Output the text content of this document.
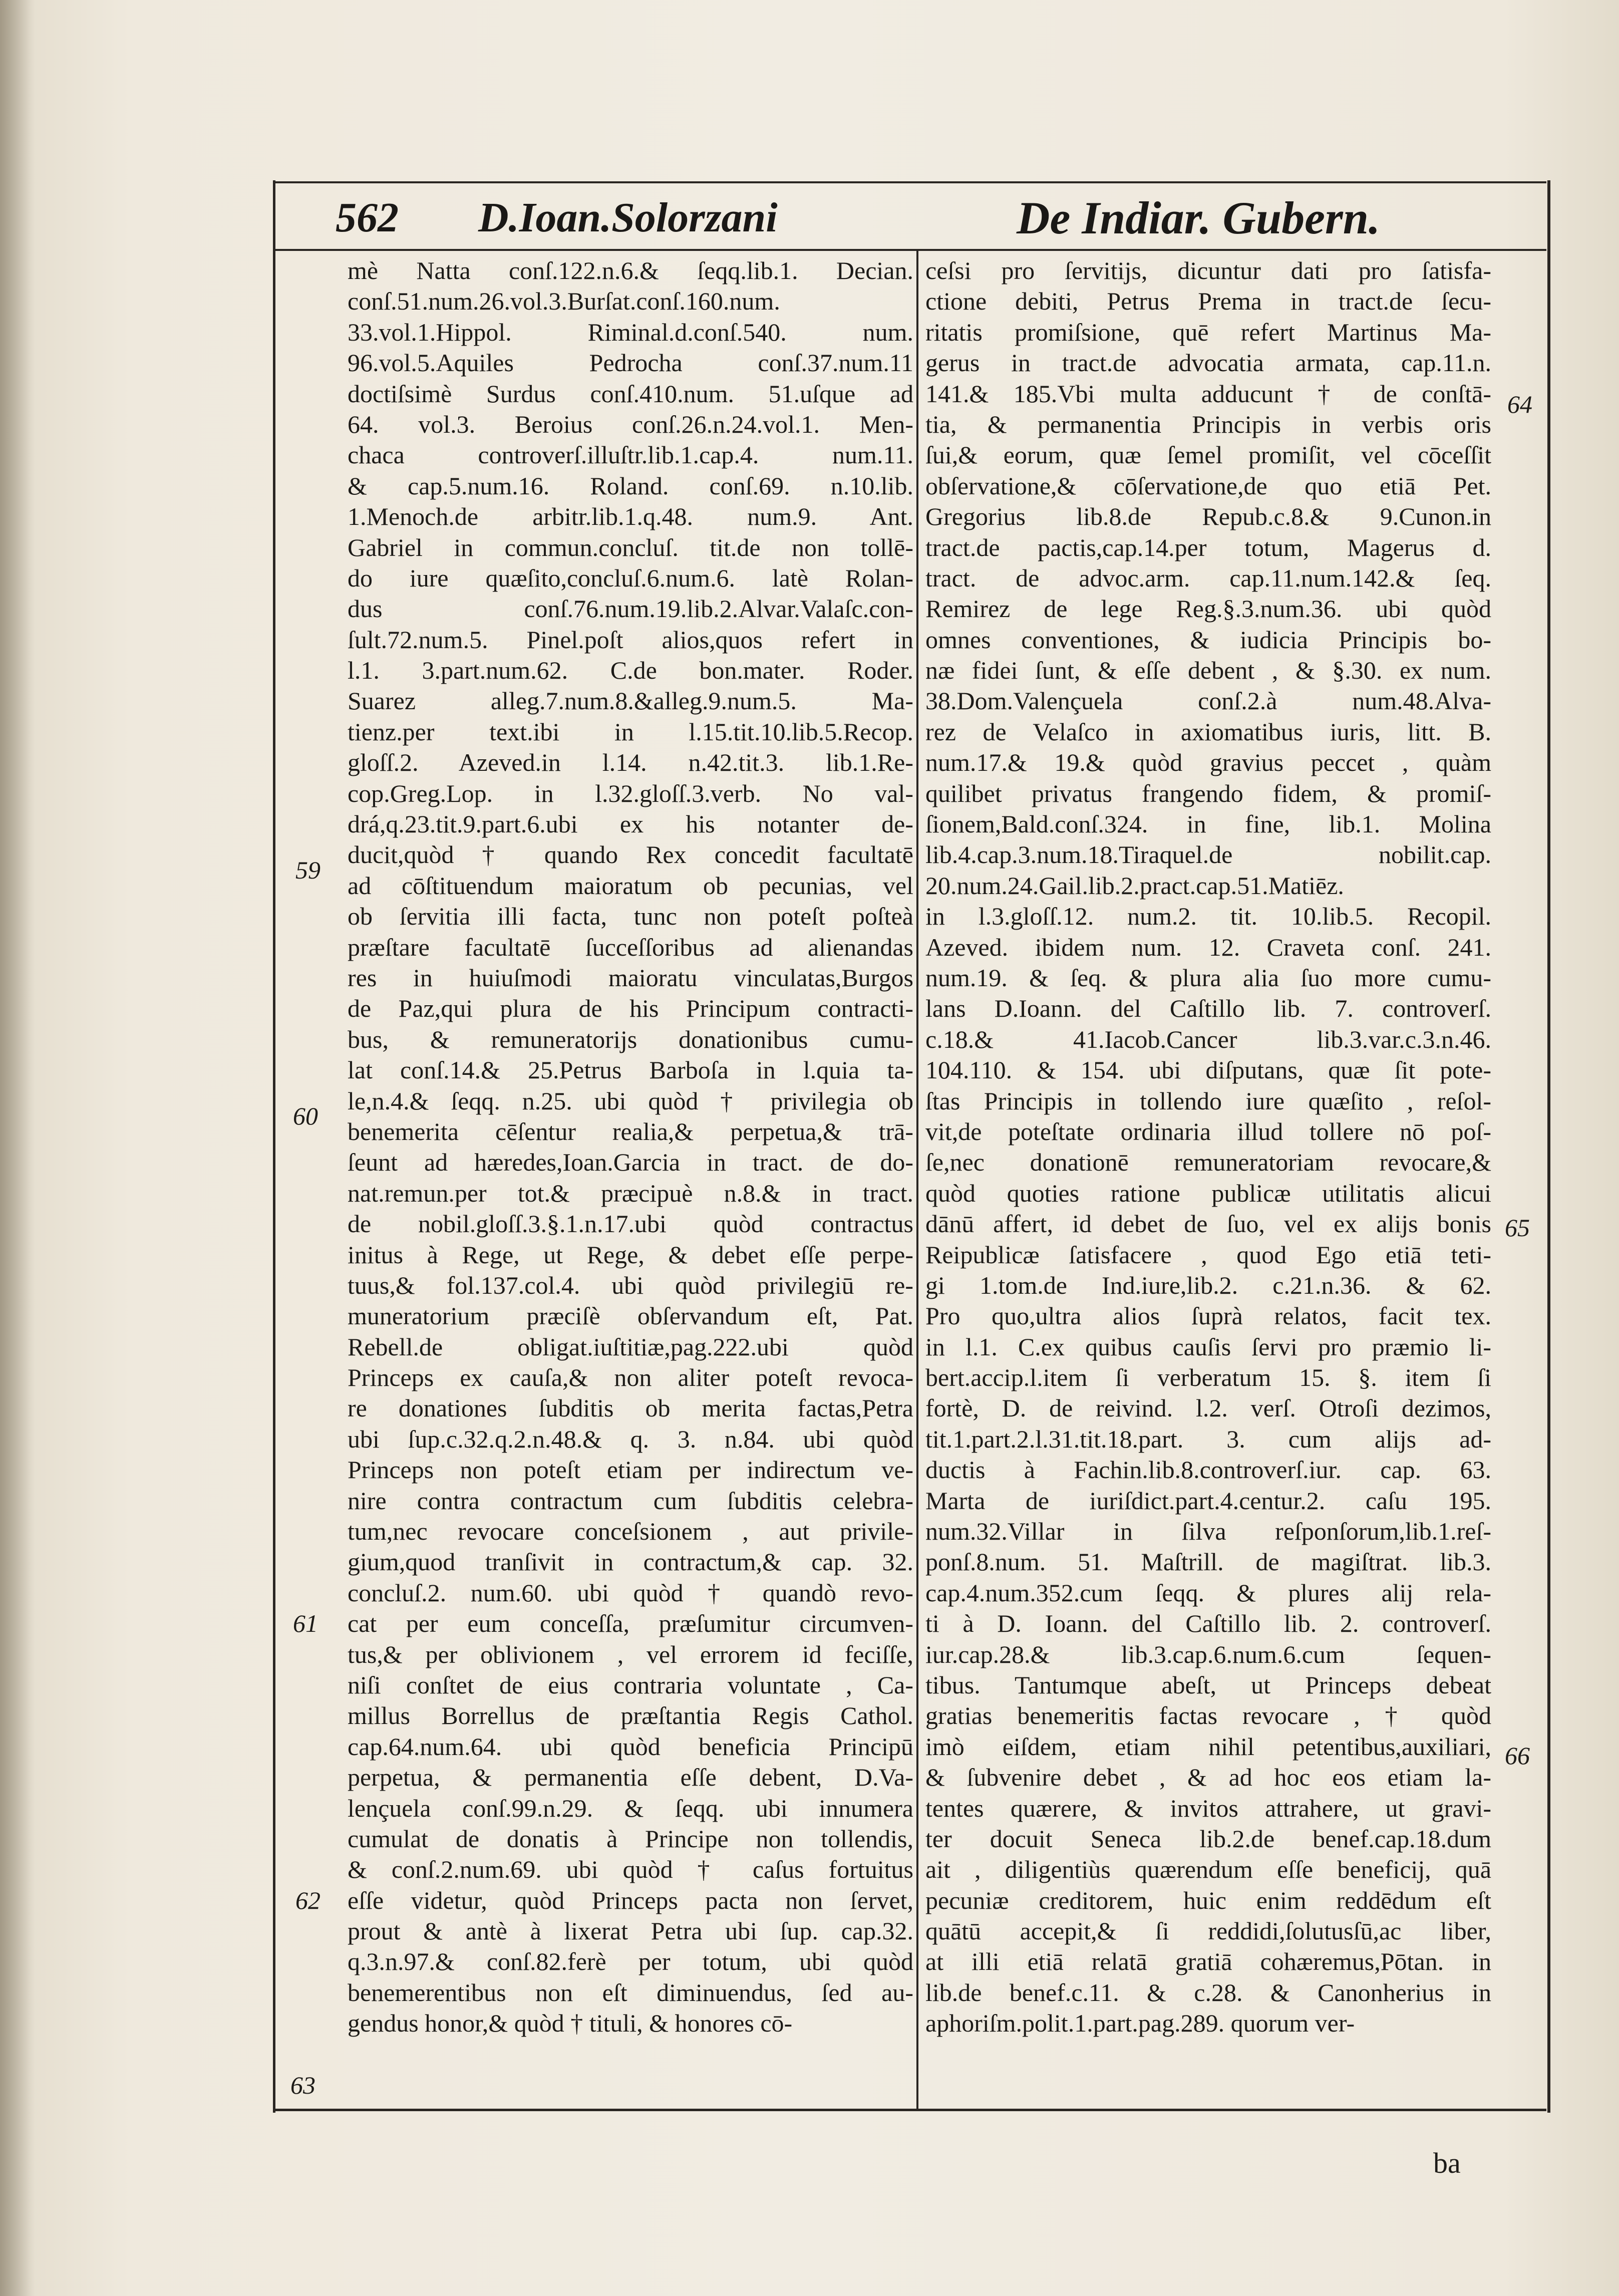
562 D.Ioan.Solorzani	De Indiar. Gubern.
mè Natta conſ.122.n.6.& ſeqq.lib.1. Decian.
conſ.51.num.26.vol.3.Burſat.conſ.160.num.
33.vol.1.Hippol. Riminal.d.conſ.540. num.
96.vol.5.Aquiles Pedrocha conſ.37.num.11
doctiſsimè Surdus conſ.410.num. 51.uſque ad
64. vol.3. Beroius conſ.26.n.24.vol.1. Men-
chaca controverſ.illuſtr.lib.1.cap.4. num.11.
& cap.5.num.16. Roland. conſ.69. n.10.lib.
1.Menoch.de arbitr.lib.1.q.48. num.9. Ant.
Gabriel in commun.concluſ. tit.de non tollē-
do iure quæſito,concluſ.6.num.6. latè Rolan-
dus conſ.76.num.19.lib.2.Alvar.Valaſc.con-
ſult.72.num.5. Pinel.poſt alios,quos refert in
l.1. 3.part.num.62. C.de bon.mater. Roder.
Suarez alleg.7.num.8.&alleg.9.num.5. Ma-
tienz.per text.ibi in l.15.tit.10.lib.5.Recop.
gloſſ.2. Azeved.in l.14. n.42.tit.3. lib.1.Re-
cop.Greg.Lop. in l.32.gloſſ.3.verb. No val-
drá,q.23.tit.9.part.6.ubi ex his notanter de-
ducit,quòd † quando Rex concedit facultatē
ad cōſtituendum maioratum ob pecunias, vel
ob ſervitia illi facta, tunc non poteſt poſteà
præſtare facultatē ſucceſſoribus ad alienandas
res in huiuſmodi maioratu vinculatas,Burgos
de Paz,qui plura de his Principum contracti-
bus, & remuneratorijs donationibus cumu-
lat conſ.14.& 25.Petrus Barboſa in l.quia ta-
le,n.4.& ſeqq. n.25. ubi quòd † privilegia ob
benemerita cēſentur realia,& perpetua,& trā-
ſeunt ad hæredes,Ioan.Garcia in tract. de do-
nat.remun.per tot.& præcipuè n.8.& in tract.
de nobil.gloſſ.3.§.1.n.17.ubi quòd contractus
initus à Rege, ut Rege, & debet eſſe perpe-
tuus,& fol.137.col.4. ubi quòd privilegiū re-
muneratorium præciſè obſervandum eſt, Pat.
Rebell.de obligat.iuſtitiæ,pag.222.ubi quòd
Princeps ex cauſa,& non aliter poteſt revoca-
re donationes ſubditis ob merita factas,Petra
ubi ſup.c.32.q.2.n.48.& q. 3. n.84. ubi quòd
Princeps non poteſt etiam per indirectum ve-
nire contra contractum cum ſubditis celebra-
tum,nec revocare conceſsionem , aut privile-
gium,quod tranſivit in contractum,& cap. 32.
concluſ.2. num.60. ubi quòd † quandò revo-
cat per eum conceſſa, præſumitur circumven-
tus,& per oblivionem , vel errorem id feciſſe,
niſi conſtet de eius contraria voluntate , Ca-
millus Borrellus de præſtantia Regis Cathol.
cap.64.num.64. ubi quòd beneficia Principū
perpetua, & permanentia eſſe debent, D.Va-
lençuela conſ.99.n.29. & ſeqq. ubi innumera
cumulat de donatis à Principe non tollendis,
& conſ.2.num.69. ubi quòd † caſus fortuitus
eſſe videtur, quòd Princeps pacta non ſervet,
prout & antè à lixerat Petra ubi ſup. cap.32.
q.3.n.97.& conſ.82.ferè per totum, ubi quòd
benemerentibus non eſt diminuendus, ſed au-
gendus honor,& quòd † tituli, & honores cō-
ceſsi pro ſervitijs, dicuntur dati pro ſatisfa-
ctione debiti, Petrus Prema in tract.de ſecu-
ritatis promiſsione, quē refert Martinus Ma-
gerus in tract.de advocatia armata, cap.11.n.
141.& 185.Vbi multa adducunt † de conſtā-
tia, & permanentia Principis in verbis oris
ſui,& eorum, quæ ſemel promiſit, vel cōceſſit
obſervatione,& cōſervatione,de quo etiā Pet.
Gregorius lib.8.de Repub.c.8.& 9.Cunon.in
tract.de pactis,cap.14.per totum, Magerus d.
tract. de advoc.arm. cap.11.num.142.& ſeq.
Remirez de lege Reg.§.3.num.36. ubi quòd
omnes conventiones, & iudicia Principis bo-
næ fidei ſunt, & eſſe debent , & §.30. ex num.
38.Dom.Valençuela conſ.2.à num.48.Alva-
rez de Velaſco in axiomatibus iuris, litt. B.
num.17.& 19.& quòd gravius peccet , quàm
quilibet privatus frangendo fidem, & promiſ-
ſionem,Bald.conſ.324. in fine, lib.1. Molina
lib.4.cap.3.num.18.Tiraquel.de nobilit.cap.
20.num.24.Gail.lib.2.pract.cap.51.Matiēz.
in l.3.gloſſ.12. num.2. tit. 10.lib.5. Recopil.
Azeved. ibidem num. 12. Craveta conſ. 241.
num.19. & ſeq. & plura alia ſuo more cumu-
lans D.Ioann. del Caſtillo lib. 7. controverſ.
c.18.& 41.Iacob.Cancer lib.3.var.c.3.n.46.
104.110. & 154. ubi diſputans, quæ ſit pote-
ſtas Principis in tollendo iure quæſito , reſol-
vit,de poteſtate ordinaria illud tollere nō poſ-
ſe,nec donationē remuneratoriam revocare,&
quòd quoties ratione publicæ utilitatis alicui
dānū affert, id debet de ſuo, vel ex alijs bonis
Reipublicæ ſatisfacere , quod Ego etiā teti-
gi 1.tom.de Ind.iure,lib.2. c.21.n.36. & 62.
Pro quo,ultra alios ſuprà relatos, facit tex.
in l.1. C.ex quibus cauſis ſervi pro præmio li-
bert.accip.l.item ſi verberatum 15. §. item ſi
fortè, D. de reivind. l.2. verſ. Otroſi dezimos,
tit.1.part.2.l.31.tit.18.part. 3. cum alijs ad-
ductis à Fachin.lib.8.controverſ.iur. cap. 63.
Marta de iuriſdict.part.4.centur.2. caſu 195.
num.32.Villar in ſilva reſponſorum,lib.1.reſ-
ponſ.8.num. 51. Maſtrill. de magiſtrat. lib.3.
cap.4.num.352.cum ſeqq. & plures alij rela-
ti à D. Ioann. del Caſtillo lib. 2. controverſ.
iur.cap.28.& lib.3.cap.6.num.6.cum ſequen-
tibus. Tantumque abeſt, ut Princeps debeat
gratias benemeritis factas revocare , † quòd
imò eiſdem, etiam nihil petentibus,auxiliari,
& ſubvenire debet , & ad hoc eos etiam la-
tentes quærere, & invitos attrahere, ut gravi-
ter docuit Seneca lib.2.de benef.cap.18.dum
ait , diligentiùs quærendum eſſe beneficij, quā
pecuniæ creditorem, huic enim reddēdum eſt
quātū accepit,& ſi reddidi,ſolutusſū,ac liber,
at illi etiā relatā gratiā cohæremus,Pōtan. in
lib.de benef.c.11. & c.28. & Canonherius in
aphoriſm.polit.1.part.pag.289. quorum ver-
59
60
61
62
63
64
65
66
ba
